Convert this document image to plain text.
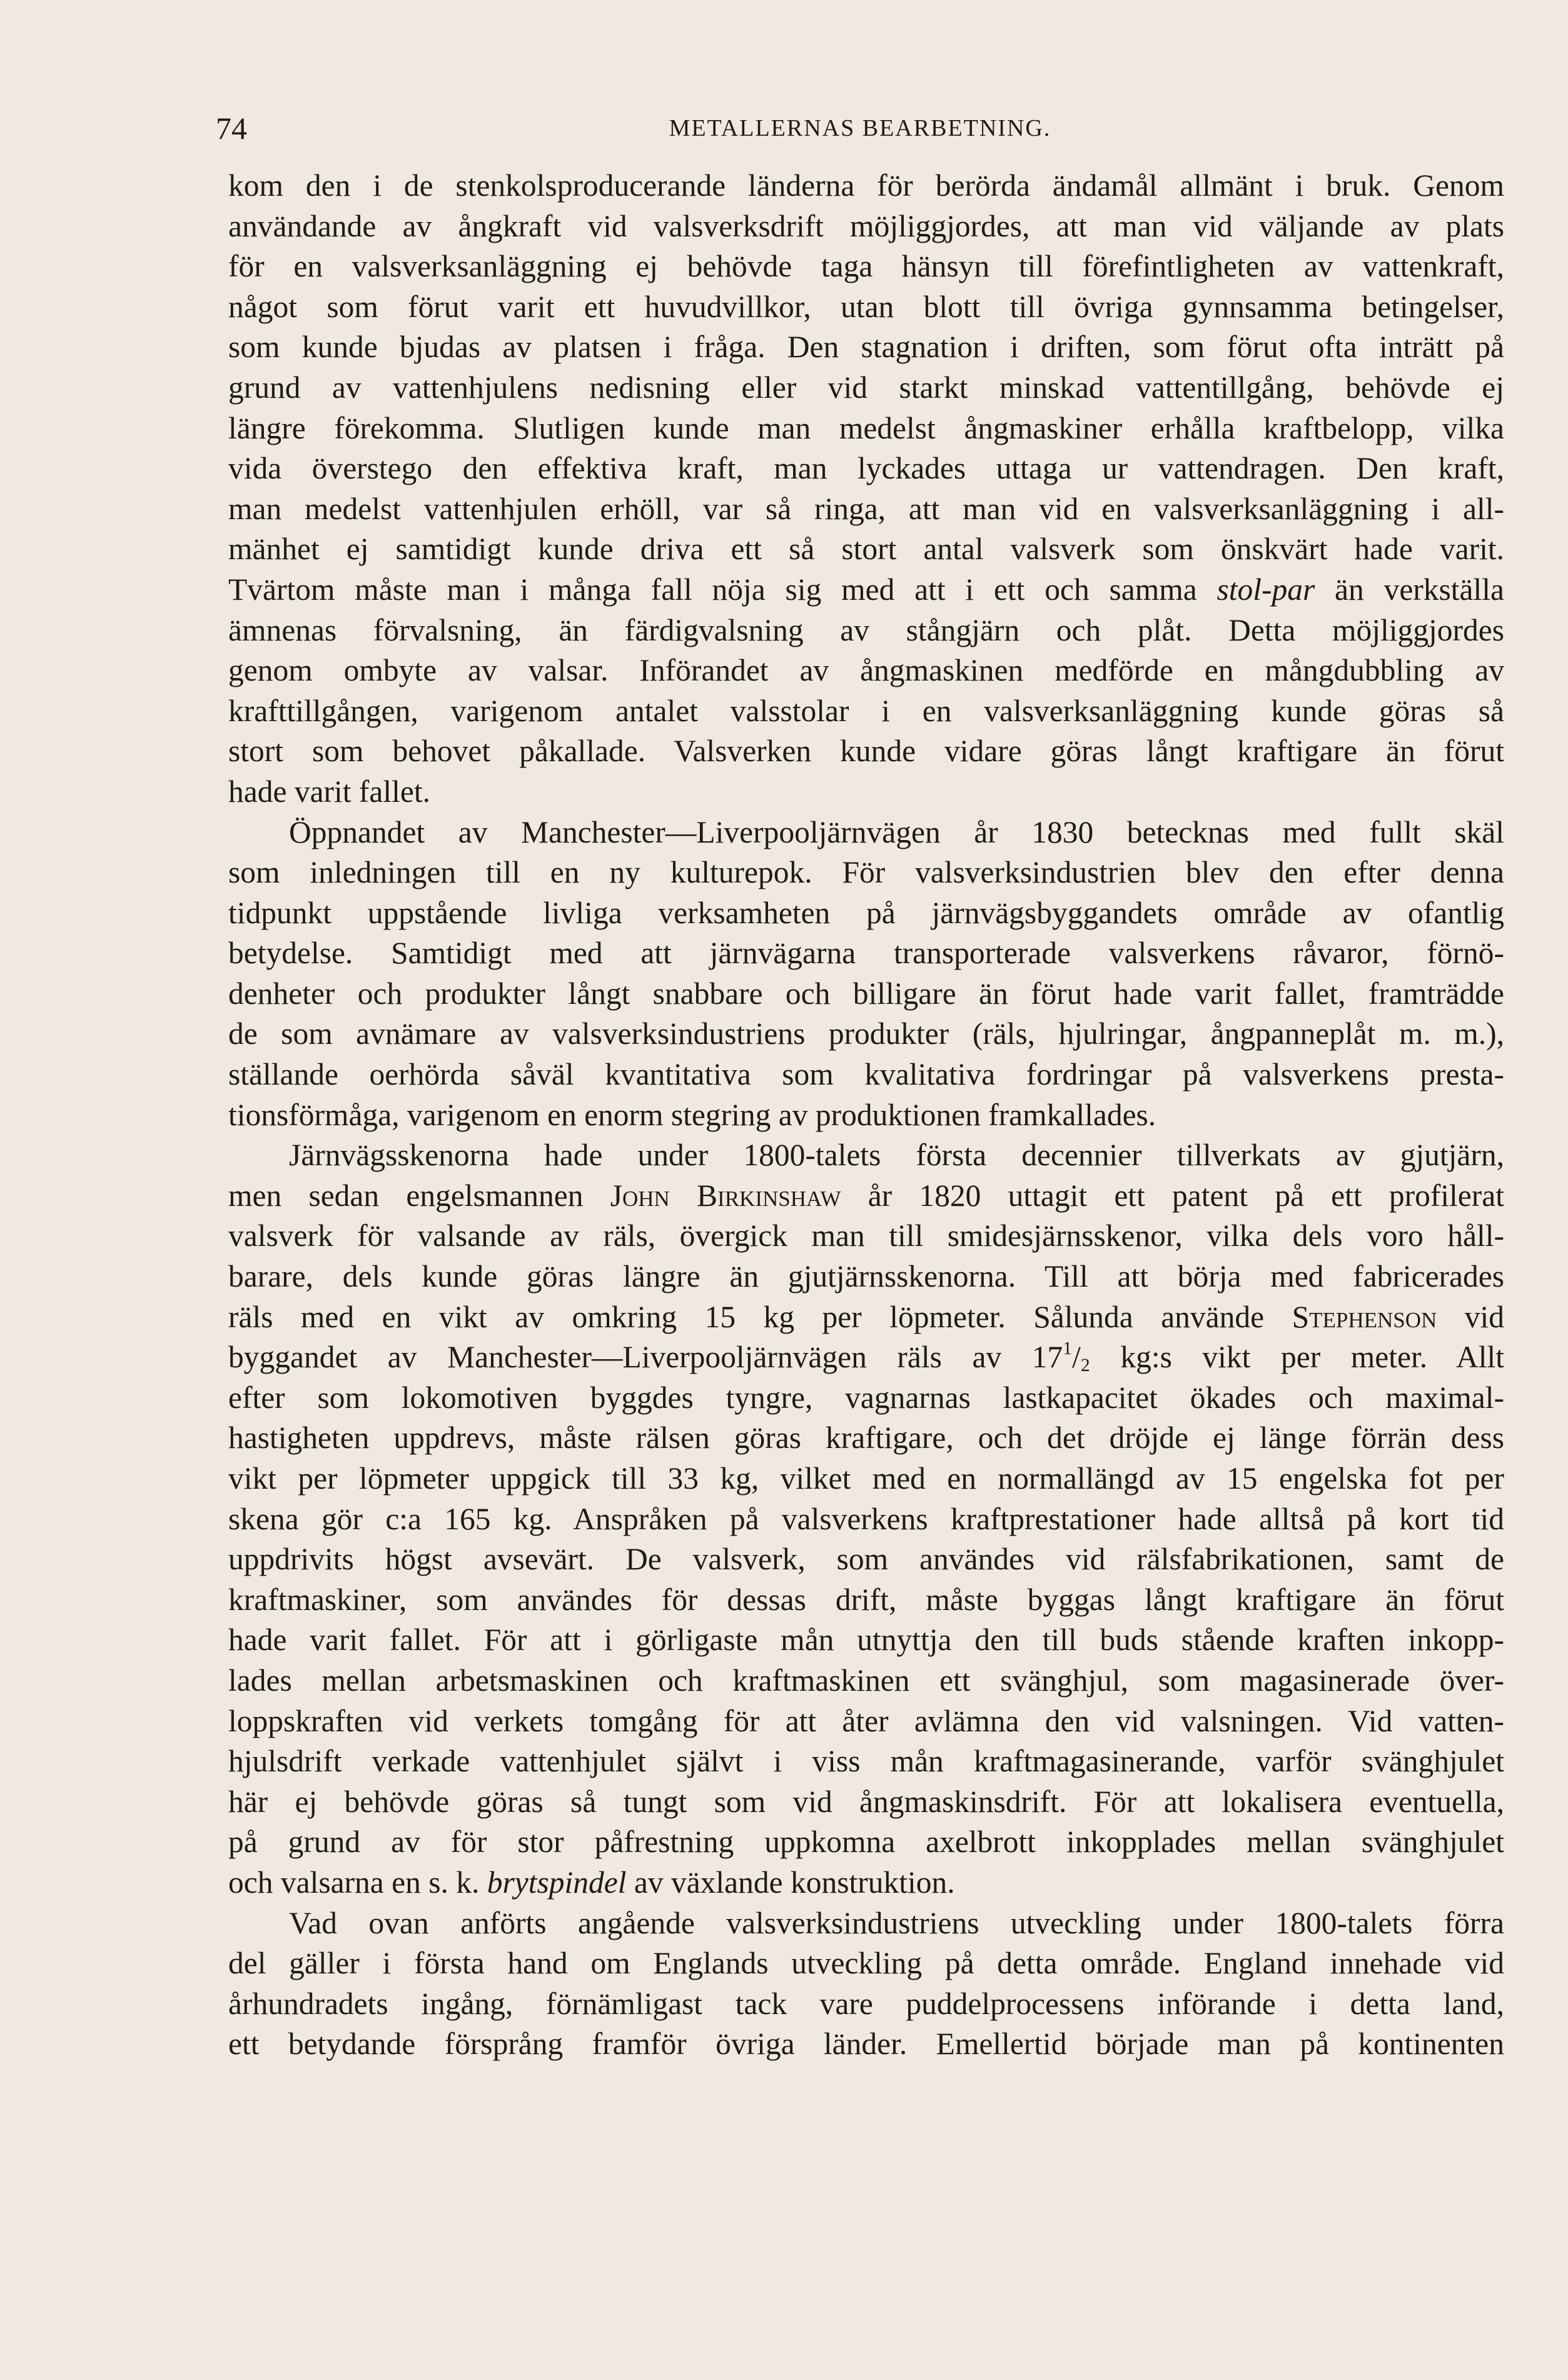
74	METALLERNAS BEARBETNING.
kom den i de stenkolsproducerande länderna för berörda ändamål allmänt i bruk. Genom
användande av ångkraft vid valsverksdrift möjliggjordes, att man vid väljande av plats
för en valsverksanläggning ej behövde taga hänsyn till förefintligheten av vattenkraft,
något som förut varit ett huvudvillkor, utan blott till övriga gynnsamma betingelser,
som kunde bjudas av platsen i fråga. Den stagnation i driften, som förut ofta inträtt på
grund av vattenhjulens nedisning eller vid starkt minskad vattentillgång, behövde ej
längre förekomma. Slutligen kunde man medelst ångmaskiner erhålla kraftbelopp, vilka
vida överstego den effektiva kraft, man lyckades uttaga ur vattendragen. Den kraft,
man medelst vattenhjulen erhöll, var så ringa, att man vid en valsverksanläggning i all-
mänhet ej samtidigt kunde driva ett så stort antal valsverk som önskvärt hade varit.
Tvärtom måste man i många fall nöja sig med att i ett och samma stol-par än verkställa
ämnenas förvalsning, än färdigvalsning av stångjärn och plåt. Detta möjliggjordes
genom ombyte av valsar. Införandet av ångmaskinen medförde en mångdubbling av
krafttillgången, varigenom antalet valsstolar i en valsverksanläggning kunde göras så
stort som behovet påkallade. Valsverken kunde vidare göras långt kraftigare än förut
hade varit fallet.
Öppnandet av Manchester—Liverpooljärnvägen år 1830 betecknas med fullt skäl
som inledningen till en ny kulturepok. För valsverksindustrien blev den efter denna
tidpunkt uppstående livliga verksamheten på järnvägsbyggandets område av ofantlig
betydelse. Samtidigt med att järnvägarna transporterade valsverkens råvaror, förnö-
denheter och produkter långt snabbare och billigare än förut hade varit fallet, framträdde
de som avnämare av valsverksindustriens produkter (räls, hjulringar, ångpanneplåt m. m.),
ställande oerhörda såväl kvantitativa som kvalitativa fordringar på valsverkens presta-
tionsförmåga, varigenom en enorm stegring av produktionen framkallades.
Järnvägsskenorna hade under 1800-talets första decennier tillverkats av gjutjärn,
men sedan engelsmannen John Birkinshaw år 1820 uttagit ett patent på ett profilerat
valsverk för valsande av räls, övergick man till smidesjärnsskenor, vilka dels voro håll-
barare, dels kunde göras längre än gjutjärnsskenorna. Till att börja med fabricerades
räls med en vikt av omkring 15 kg per löpmeter. Sålunda använde Stephenson vid
byggandet av Manchester—Liverpooljärnvägen räls av $17^1/_2$ kg:s vikt per meter. Allt
efter som lokomotiven byggdes tyngre, vagnarnas lastkapacitet ökades och maximal-
hastigheten uppdrevs, måste rälsen göras kraftigare, och det dröjde ej länge förrän dess
vikt per löpmeter uppgick till 33 kg, vilket med en normallängd av 15 engelska fot per
skena gör c:a 165 kg. Anspråken på valsverkens kraftprestationer hade alltså på kort tid
uppdrivits högst avsevärt. De valsverk, som användes vid rälsfabrikationen, samt de
kraftmaskiner, som användes för dessas drift, måste byggas långt kraftigare än förut
hade varit fallet. För att i görligaste mån utnyttja den till buds stående kraften inkopp-
lades mellan arbetsmaskinen och kraftmaskinen ett svänghjul, som magasinerade över-
loppskraften vid verkets tomgång för att åter avlämna den vid valsningen. Vid vatten-
hjulsdrift verkade vattenhjulet självt i viss mån kraftmagasinerande, varför svänghjulet
här ej behövde göras så tungt som vid ångmaskinsdrift. För att lokalisera eventuella,
på grund av för stor påfrestning uppkomna axelbrott inkopplades mellan svänghjulet
och valsarna en s. k. brytspindel av växlande konstruktion.
Vad ovan anförts angående valsverksindustriens utveckling under 1800-talets förra
del gäller i första hand om Englands utveckling på detta område. England innehade vid
århundradets ingång, förnämligast tack vare puddelprocessens införande i detta land,
ett betydande försprång framför övriga länder. Emellertid började man på kontinenten
